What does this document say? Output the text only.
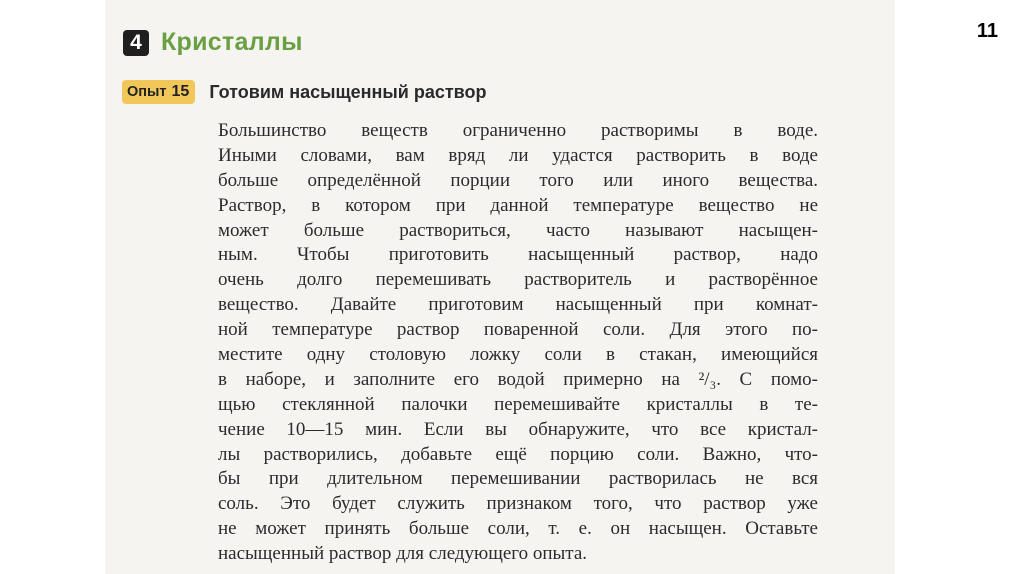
11
4 Кристаллы
Опыт 15 Готовим насыщенный раствор
Большинство веществ ограниченно растворимы в воде.
Иными словами, вам вряд ли удастся растворить в воде
больше определённой порции того или иного вещества.
Раствор, в котором при данной температуре вещество не
может больше раствориться, часто называют насыщен-
ным. Чтобы приготовить насыщенный раствор, надо
очень долго перемешивать растворитель и растворённое
вещество. Давайте приготовим насыщенный при комнат-
ной температуре раствор поваренной соли. Для этого по-
местите одну столовую ложку соли в стакан, имеющийся
в наборе, и заполните его водой примерно на ²/₃. С помо-
щью стеклянной палочки перемешивайте кристаллы в те-
чение 10—15 мин. Если вы обнаружите, что все кристал-
лы растворились, добавьте ещё порцию соли. Важно, что-
бы при длительном перемешивании растворилась не вся
соль. Это будет служить признаком того, что раствор уже
не может принять больше соли, т. е. он насыщен. Оставьте
насыщенный раствор для следующего опыта.
